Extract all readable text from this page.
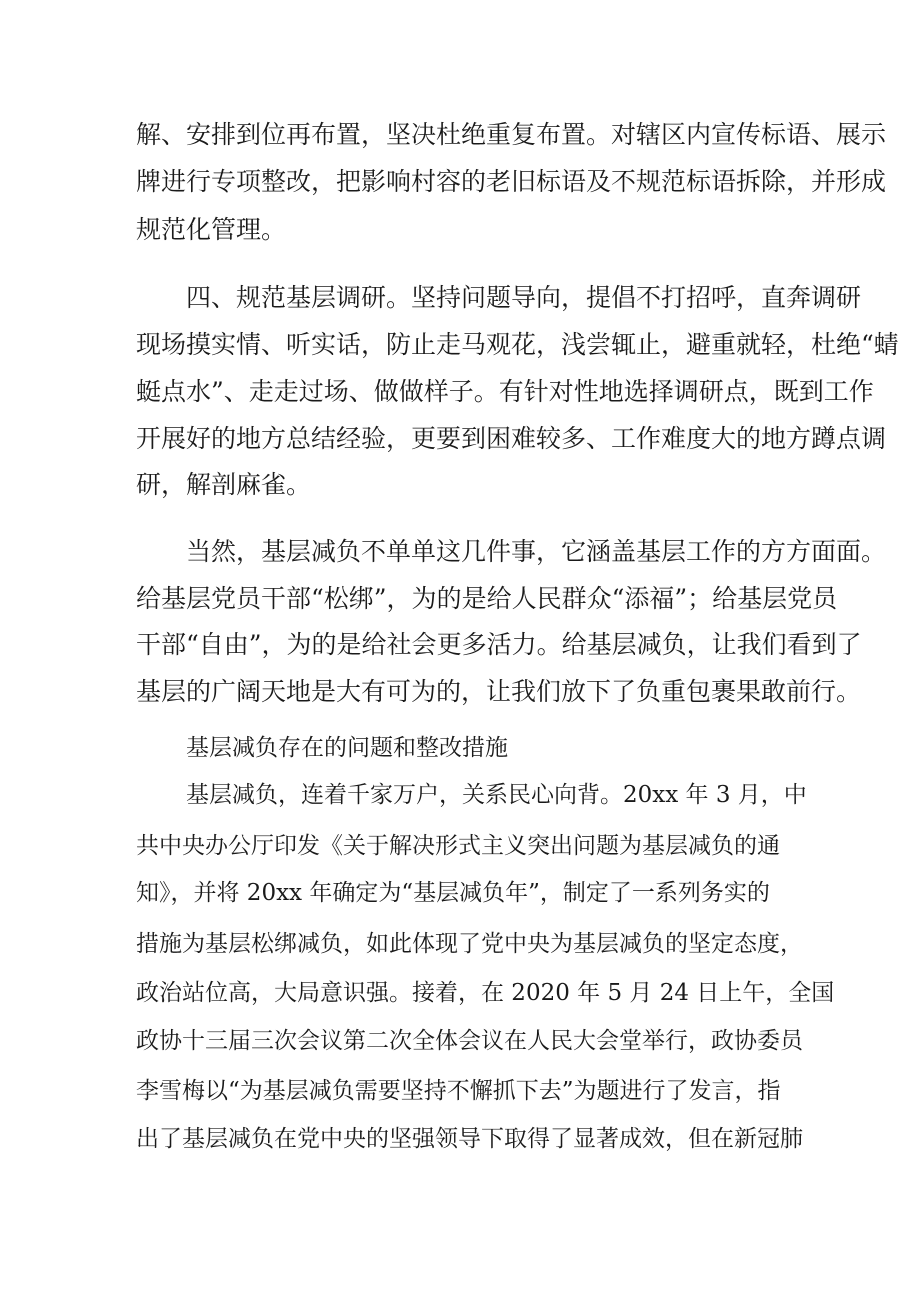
解、安排到位再布置，坚决杜绝重复布置。对辖区内宣传标语、展示

牌进行专项整改，把影响村容的老旧标语及不规范标语拆除，并形成

规范化管理。

四、规范基层调研。坚持问题导向，提倡不打招呼，直奔调研

现场摸实情、听实话，防止走马观花，浅尝辄止，避重就轻，杜绝“蜻

蜓点水”、走走过场、做做样子。有针对性地选择调研点，既到工作

开展好的地方总结经验，更要到困难较多、工作难度大的地方蹲点调

研，解剖麻雀。

当然，基层减负不单单这几件事，它涵盖基层工作的方方面面。

给基层党员干部“松绑”，为的是给人民群众“添福”；给基层党员

干部“自由”，为的是给社会更多活力。给基层减负，让我们看到了

基层的广阔天地是大有可为的，让我们放下了负重包裹果敢前行。

基层减负存在的问题和整改措施

基层减负，连着千家万户，关系民心向背。20xx 年 3 月，中

共中央办公厅印发《关于解决形式主义突出问题为基层减负的通

知》，并将 20xx 年确定为“基层减负年”，制定了一系列务实的

措施为基层松绑减负，如此体现了党中央为基层减负的坚定态度，

政治站位高，大局意识强。接着，在 2020 年 5 月 24 日上午，全国

政协十三届三次会议第二次全体会议在人民大会堂举行，政协委员

李雪梅以“为基层减负需要坚持不懈抓下去”为题进行了发言，指

出了基层减负在党中央的坚强领导下取得了显著成效，但在新冠肺
